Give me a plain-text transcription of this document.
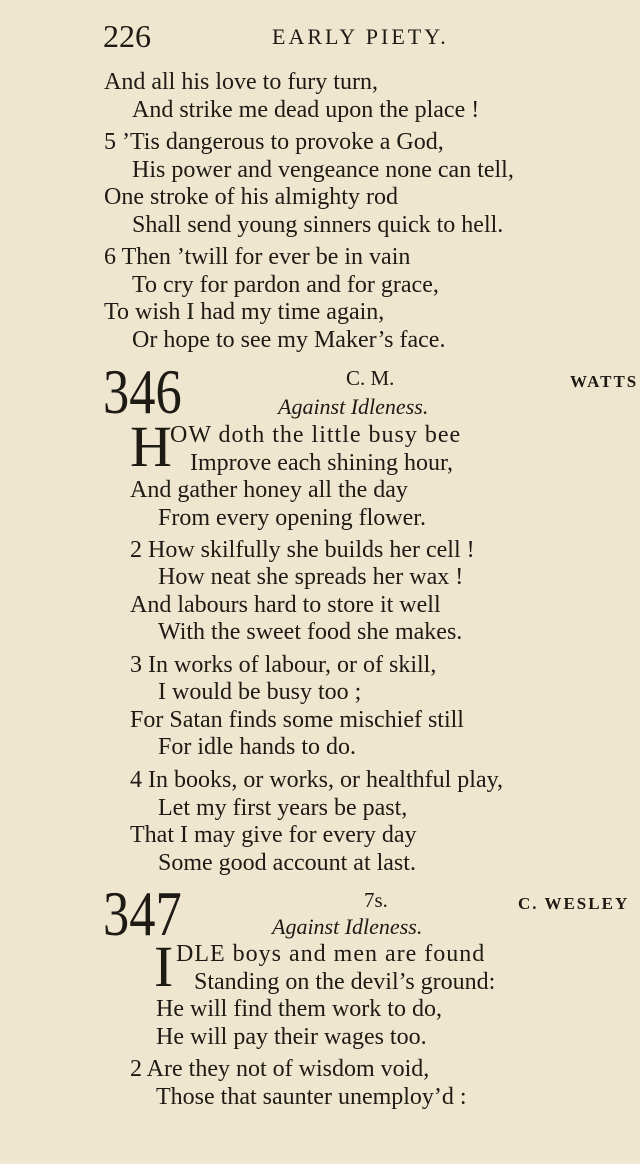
226	EARLY PIETY.
And all his love to fury turn,
And strike me dead upon the place !
5 ’Tis dangerous to provoke a God,
His power and vengeance none can tell,
One stroke of his almighty rod
Shall send young sinners quick to hell.
6 Then ’twill for ever be in vain
To cry for pardon and for grace,
To wish I had my time again,
Or hope to see my Maker’s face.
346	C. M.	WATTS
Against Idleness.
H
OW doth the little busy bee
Improve each shining hour,
And gather honey all the day
From every opening flower.
2 How skilfully she builds her cell !
How neat she spreads her wax !
And labours hard to store it well
With the sweet food she makes.
3 In works of labour, or of skill,
I would be busy too ;
For Satan finds some mischief still
For idle hands to do.
4 In books, or works, or healthful play,
Let my first years be past,
That I may give for every day
Some good account at last.
347	7s.	C. WESLEY
Against Idleness.
I DLE boys and men are found
Standing on the devil’s ground:
He will find them work to do,
He will pay their wages too.
2 Are they not of wisdom void,
Those that saunter unemploy’d :
